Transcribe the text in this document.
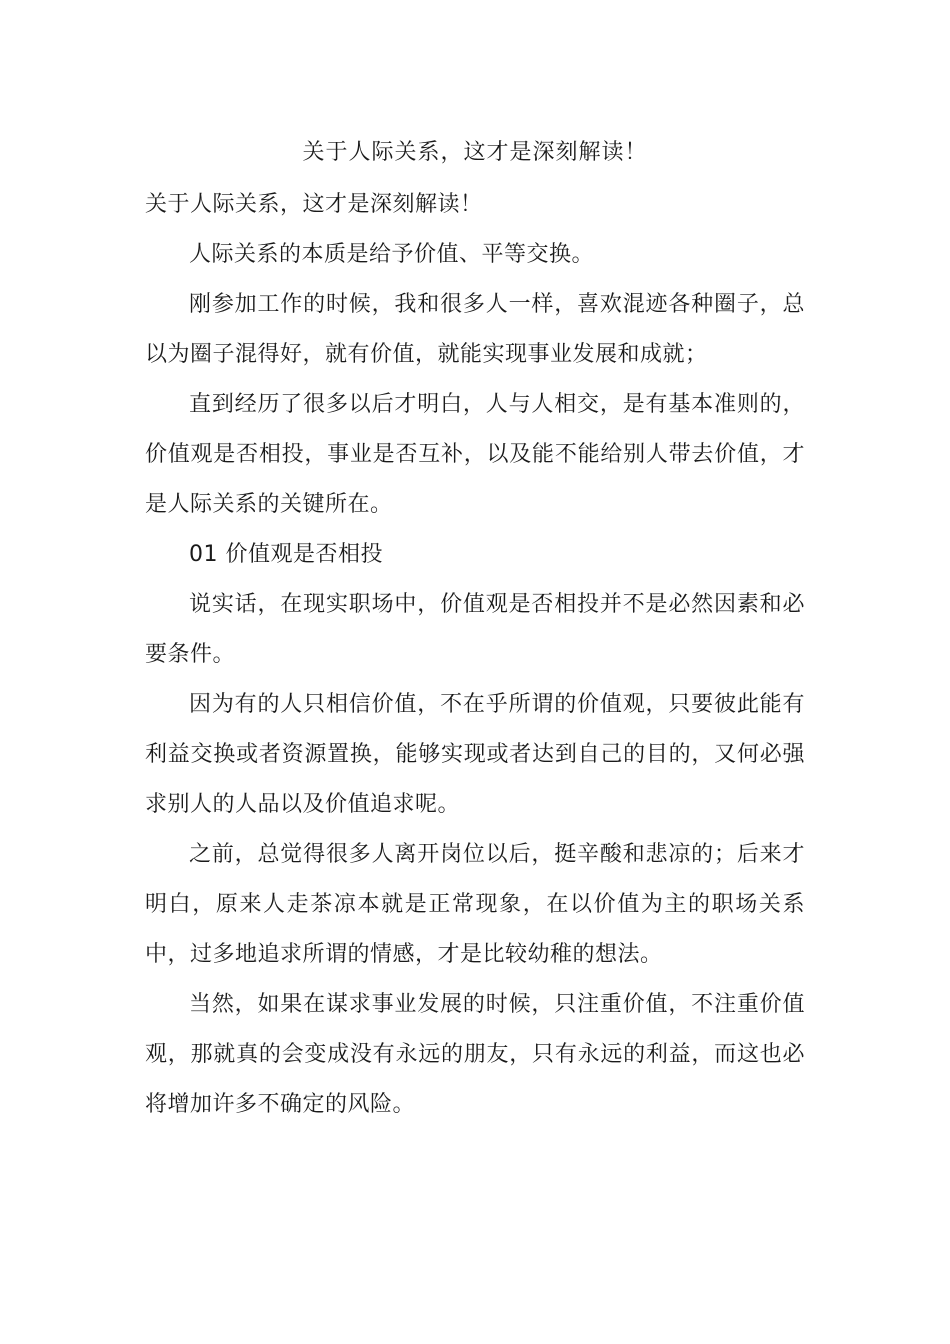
关于人际关系，这才是深刻解读！

关于人际关系，这才是深刻解读！

人际关系的本质是给予价值、平等交换。

刚参加工作的时候，我和很多人一样，喜欢混迹各种圈子，总以为圈子混得好，就有价值，就能实现事业发展和成就；

直到经历了很多以后才明白，人与人相交，是有基本准则的，价值观是否相投，事业是否互补，以及能不能给别人带去价值，才是人际关系的关键所在。

01 价值观是否相投

说实话，在现实职场中，价值观是否相投并不是必然因素和必要条件。

因为有的人只相信价值，不在乎所谓的价值观，只要彼此能有利益交换或者资源置换，能够实现或者达到自己的目的，又何必强求别人的人品以及价值追求呢。

之前，总觉得很多人离开岗位以后，挺辛酸和悲凉的；后来才明白，原来人走茶凉本就是正常现象，在以价值为主的职场关系中，过多地追求所谓的情感，才是比较幼稚的想法。

当然，如果在谋求事业发展的时候，只注重价值，不注重价值观，那就真的会变成没有永远的朋友，只有永远的利益，而这也必将增加许多不确定的风险。
